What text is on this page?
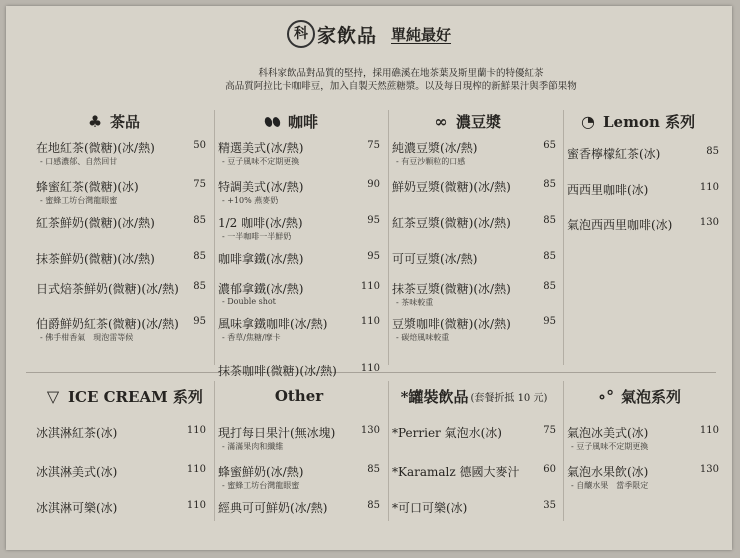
科 家飲品 單純最好
科科家飲品對品質的堅持，採用礁溪在地茶葉及斯里蘭卡的特優紅茶
高品質阿拉比卡咖啡豆，加入自製天然蔗糖漿。以及每日現榨的新鮮果汁與季節果物
♣ 茶品
在地紅茶(微糖)(冰/熱)	50
- 口感濃郁、自然回甘
蜂蜜紅茶(微糖)(冰)	75
- 蜜蜂工坊台灣龍眼蜜
紅茶鮮奶(微糖)(冰/熱)	85
抹茶鮮奶(微糖)(冰/熱)	85
日式焙茶鮮奶(微糖)(冰/熱) 85
伯爵鮮奶紅茶(微糖)(冰/熱) 95
- 佛手柑香氣　現泡雷等候
咖啡
精選美式(冰/熱)	75
- 豆子風味不定期更換
特調美式(冰/熱)	90
- +10% 燕麥奶
1/2 咖啡(冰/熱)	95
- 一半咖啡一半鮮奶
咖啡拿鐵(冰/熱)	95
濃郁拿鐵(冰/熱)	110
- Double shot
風味拿鐵咖啡(冰/熱)	110
- 香草/焦糖/摩卡
抹茶咖啡(微糖)(冰/熱) 110
∞ 濃豆漿
純濃豆漿(冰/熱)	65
- 有豆沙顆粒的口感
鮮奶豆漿(微糖)(冰/熱)	85
紅茶豆漿(微糖)(冰/熱)	85
可可豆漿(冰/熱)	85
抹茶豆漿(微糖)(冰/熱)	85
- 茶味較重
豆漿咖啡(微糖)(冰/熱)	95
- 碳焙風味較重
◔ Lemon 系列
蜜香檸檬紅茶(冰)	85
西西里咖啡(冰)	110
氣泡西西里咖啡(冰)	130
▽ ICE CREAM 系列
冰淇淋紅茶(冰)	110
冰淇淋美式(冰)	110
冰淇淋可樂(冰)	110
Other
現打每日果汁(無冰塊)	130
- 滿滿果肉和纖維
蜂蜜鮮奶(冰/熱)	85
- 蜜蜂工坊台灣龍眼蜜
經典可可鮮奶(冰/熱)	85
*罐裝飲品 (套餐折抵 10 元)
*Perrier 氣泡水(冰)	75
*Karamalz 德國大麥汁 60
*可口可樂(冰)	35
∘° 氣泡系列
氣泡冰美式(冰)	110
- 豆子風味不定期更換
氣泡水果飲(冰)	130
- 自釀水果　當季限定
